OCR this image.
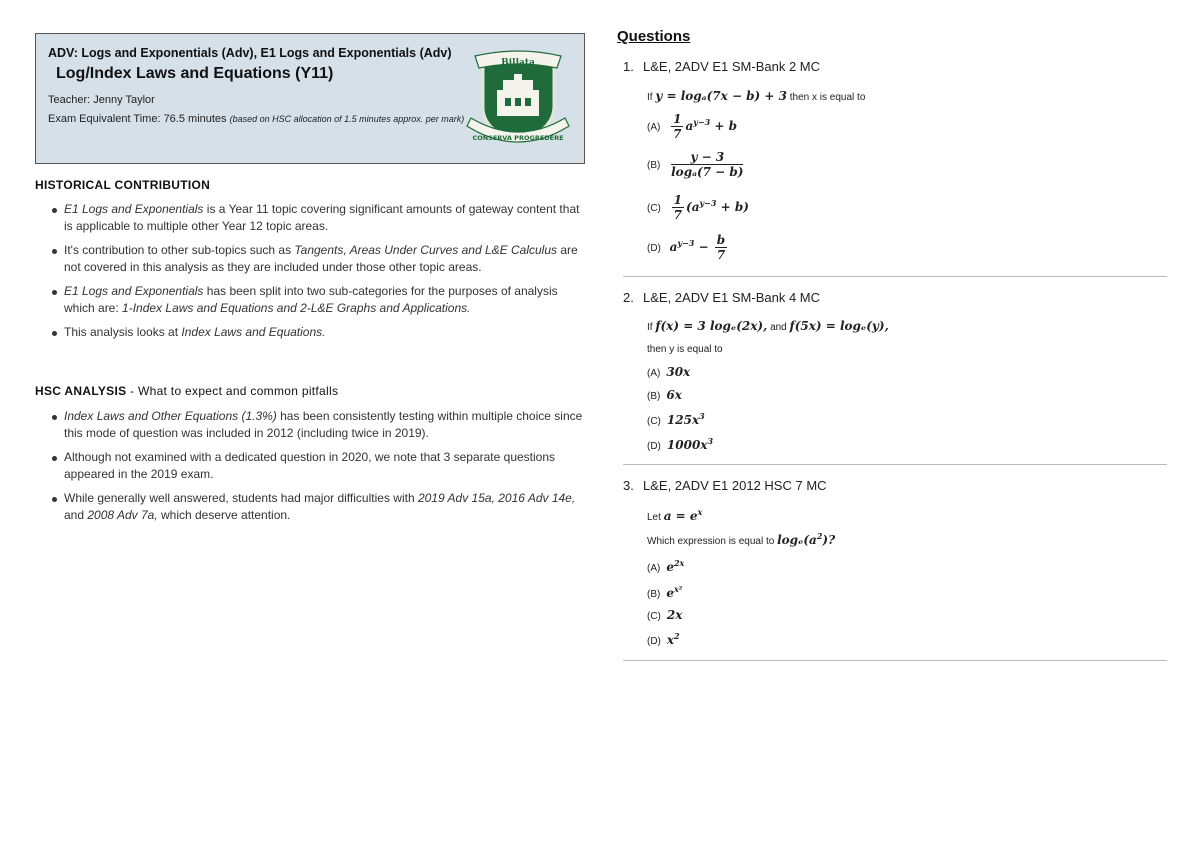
ADV: Logs and Exponentials (Adv), E1 Logs and Exponentials (Adv)
Log/Index Laws and Equations (Y11)
Teacher: Jenny Taylor
Exam Equivalent Time: 76.5 minutes (based on HSC allocation of 1.5 minutes approx. per mark)
Billata
CONSERVA PROGREDERE
HISTORICAL CONTRIBUTION
E1 Logs and Exponentials is a Year 11 topic covering significant amounts of gateway content that is applicable to multiple other Year 12 topic areas.
It's contribution to other sub-topics such as Tangents, Areas Under Curves and L&E Calculus are not covered in this analysis as they are included under those other topic areas.
E1 Logs and Exponentials has been split into two sub-categories for the purposes of analysis which are: 1-Index Laws and Equations and 2-L&E Graphs and Applications.
This analysis looks at Index Laws and Equations.
HSC ANALYSIS - What to expect and common pitfalls
Index Laws and Other Equations (1.3%) has been consistently testing within multiple choice since this mode of question was included in 2012 (including twice in 2019).
Although not examined with a dedicated question in 2020, we note that 3 separate questions appeared in the 2019 exam.
While generally well answered, students had major difficulties with 2019 Adv 15a, 2016 Adv 14e, and 2008 Adv 7a, which deserve attention.
Questions
1. L&E, 2ADV E1 SM-Bank 2 MC
If y = logₐ(7x − b) + 3 then x is equal to
$(A) \frac{1}{7} a^{y-3} + b$
$(B) \frac{y - 3}{\text{logₐ(7 − b)}}$
$(C) \frac{1}{7} (a^{y-3} + b)$
(D) $a^{y-3} - \frac{b}{7}$
2. L&E, 2ADV E1 SM-Bank 4 MC
If f(x) = 3 logₑ(2x), and f(5x) = logₑ(y),
then y is equal to
(A) 30x
(B) 6x
(C) $125x^3$
(D) $1000x^3$
3. L&E, 2ADV E1 2012 HSC 7 MC
Let $a = e^x$
Which expression is equal to $\log_e(a^2)$?
(A) $e^{2x}$
(B) $e^{x^2}$
(C) 2x
(D) $x^2$
